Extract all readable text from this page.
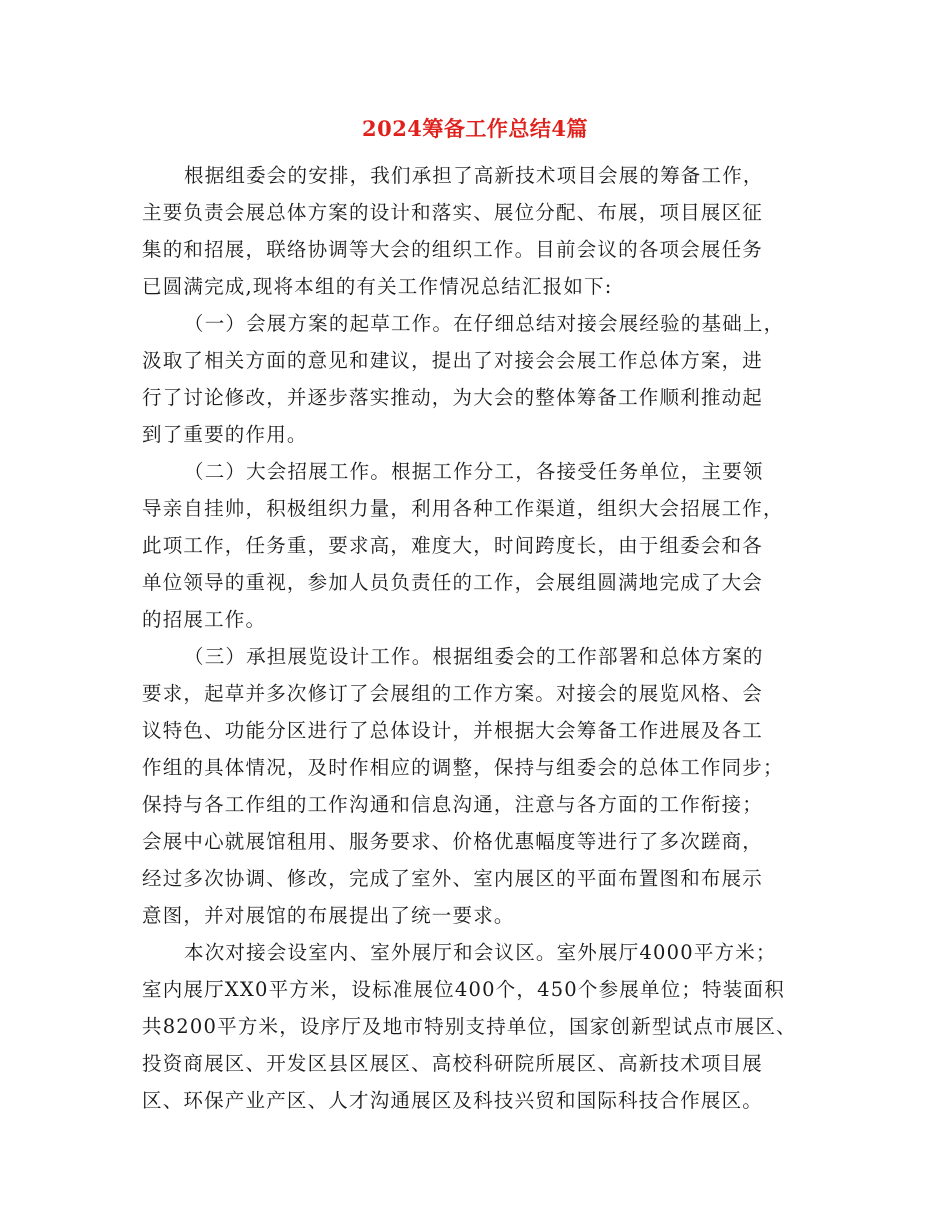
2024筹备工作总结4篇
根据组委会的安排，我们承担了高新技术项目会展的筹备工作，
主要负责会展总体方案的设计和落实、展位分配、布展，项目展区征
集的和招展，联络协调等大会的组织工作。目前会议的各项会展任务
已圆满完成,现将本组的有关工作情况总结汇报如下:
（一）会展方案的起草工作。在仔细总结对接会展经验的基础上，
汲取了相关方面的意见和建议，提出了对接会会展工作总体方案，进
行了讨论修改，并逐步落实推动，为大会的整体筹备工作顺利推动起
到了重要的作用。
（二）大会招展工作。根据工作分工，各接受任务单位，主要领
导亲自挂帅，积极组织力量，利用各种工作渠道，组织大会招展工作，
此项工作，任务重，要求高，难度大，时间跨度长，由于组委会和各
单位领导的重视，参加人员负责任的工作，会展组圆满地完成了大会
的招展工作。
（三）承担展览设计工作。根据组委会的工作部署和总体方案的
要求，起草并多次修订了会展组的工作方案。对接会的展览风格、会
议特色、功能分区进行了总体设计，并根据大会筹备工作进展及各工
作组的具体情况，及时作相应的调整，保持与组委会的总体工作同步；
保持与各工作组的工作沟通和信息沟通，注意与各方面的工作衔接；
会展中心就展馆租用、服务要求、价格优惠幅度等进行了多次蹉商，
经过多次协调、修改，完成了室外、室内展区的平面布置图和布展示
意图，并对展馆的布展提出了统一要求。
本次对接会设室内、室外展厅和会议区。室外展厅4000平方米；
室内展厅XX0平方米，设标准展位400个，450个参展单位；特装面积
共8200平方米，设序厅及地市特别支持单位，国家创新型试点市展区、
投资商展区、开发区县区展区、高校科研院所展区、高新技术项目展
区、环保产业产区、人才沟通展区及科技兴贸和国际科技合作展区。
